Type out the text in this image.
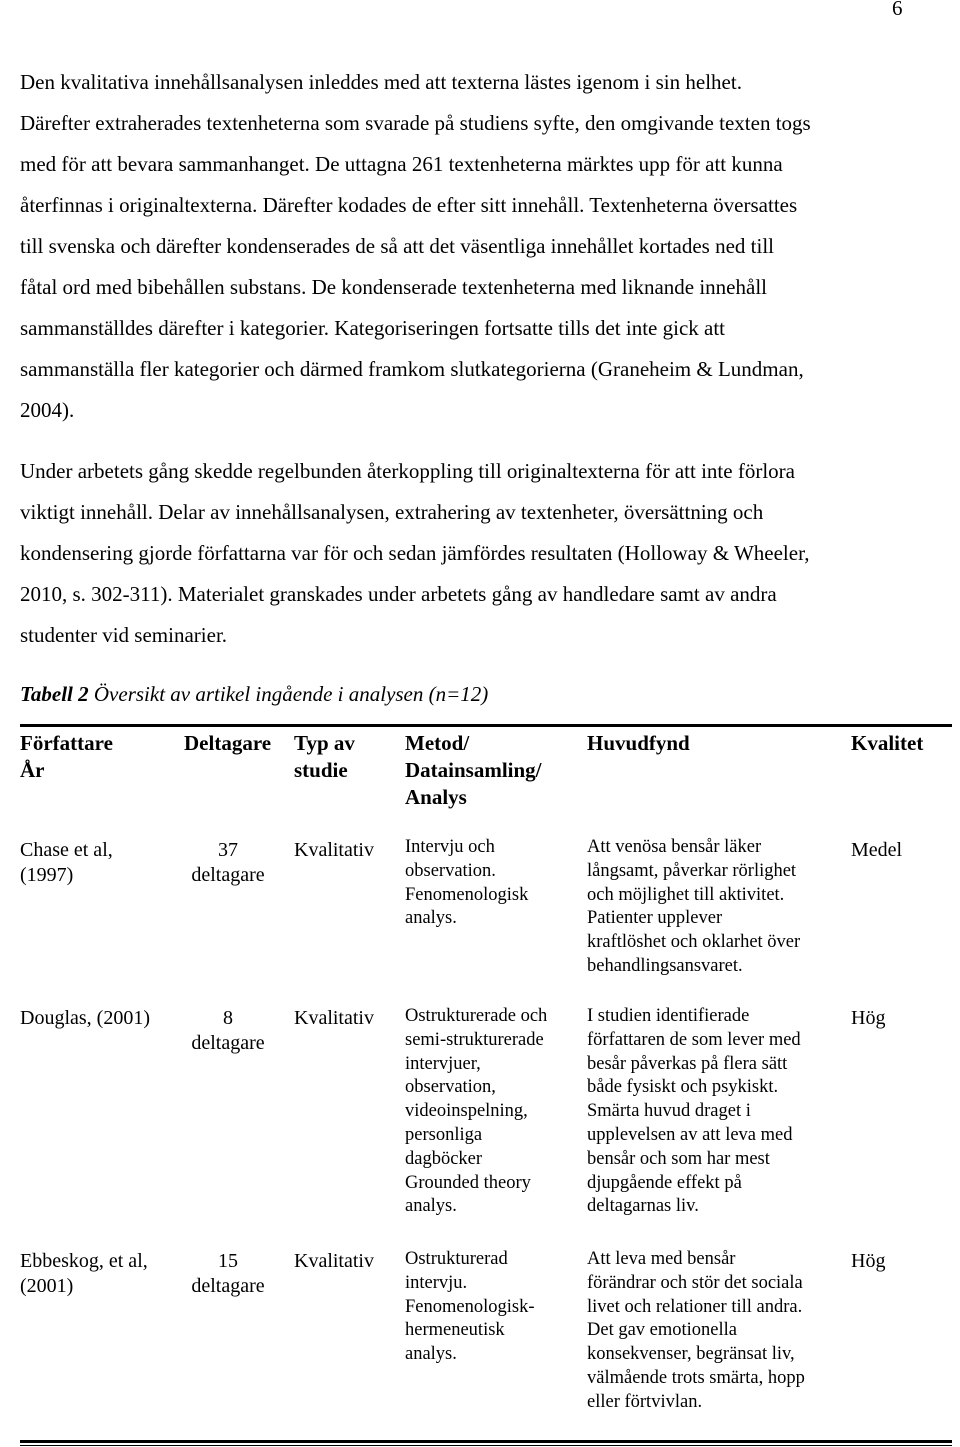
6
Den kvalitativa innehållsanalysen inleddes med att texterna lästes igenom i sin helhet.
Därefter extraherades textenheterna som svarade på studiens syfte, den omgivande texten togs
med för att bevara sammanhanget. De uttagna 261 textenheterna märktes upp för att kunna
återfinnas i originaltexterna. Därefter kodades de efter sitt innehåll. Textenheterna översattes
till svenska och därefter kondenserades de så att det väsentliga innehållet kortades ned till
fåtal ord med bibehållen substans. De kondenserade textenheterna med liknande innehåll
sammanställdes därefter i kategorier. Kategoriseringen fortsatte tills det inte gick att
sammanställa fler kategorier och därmed framkom slutkategorierna (Graneheim & Lundman,
2004).
Under arbetets gång skedde regelbunden återkoppling till originaltexterna för att inte förlora
viktigt innehåll. Delar av innehållsanalysen, extrahering av textenheter, översättning och
kondensering gjorde författarna var för och sedan jämfördes resultaten (Holloway & Wheeler,
2010, s. 302-311). Materialet granskades under arbetets gång av handledare samt av andra
studenter vid seminarier.
Tabell 2 Översikt av artikel ingående i analysen (n=12)
Författare
År
Deltagare Typ av
studie
Metod/
Datainsamling/
Analys
Huvudfynd	Kvalitet
Chase et al,
(1997)
37
deltagare
Kvalitativ Intervju och
observation.
Fenomenologisk
analys.
Att venösa bensår läker
långsamt, påverkar rörlighet
och möjlighet till aktivitet.
Patienter upplever
kraftlöshet och oklarhet över
behandlingsansvaret.
Medel
Douglas, (2001)	8
deltagare
Kvalitativ Ostrukturerade och
semi-strukturerade
intervjuer,
observation,
videoinspelning,
personliga
dagböcker
Grounded theory
analys.
I studien identifierade
författaren de som lever med
besår påverkas på flera sätt
både fysiskt och psykiskt.
Smärta huvud draget i
upplevelsen av att leva med
bensår och som har mest
djupgående effekt på
deltagarnas liv.
Hög
Ebbeskog, et al,
(2001)
15
deltagare
Kvalitativ Ostrukturerad
intervju.
Fenomenologisk-
hermeneutisk
analys.
Att leva med bensår
förändrar och stör det sociala
livet och relationer till andra.
Det gav emotionella
konsekvenser, begränsat liv,
välmående trots smärta, hopp
eller förtvivlan.
Hög
